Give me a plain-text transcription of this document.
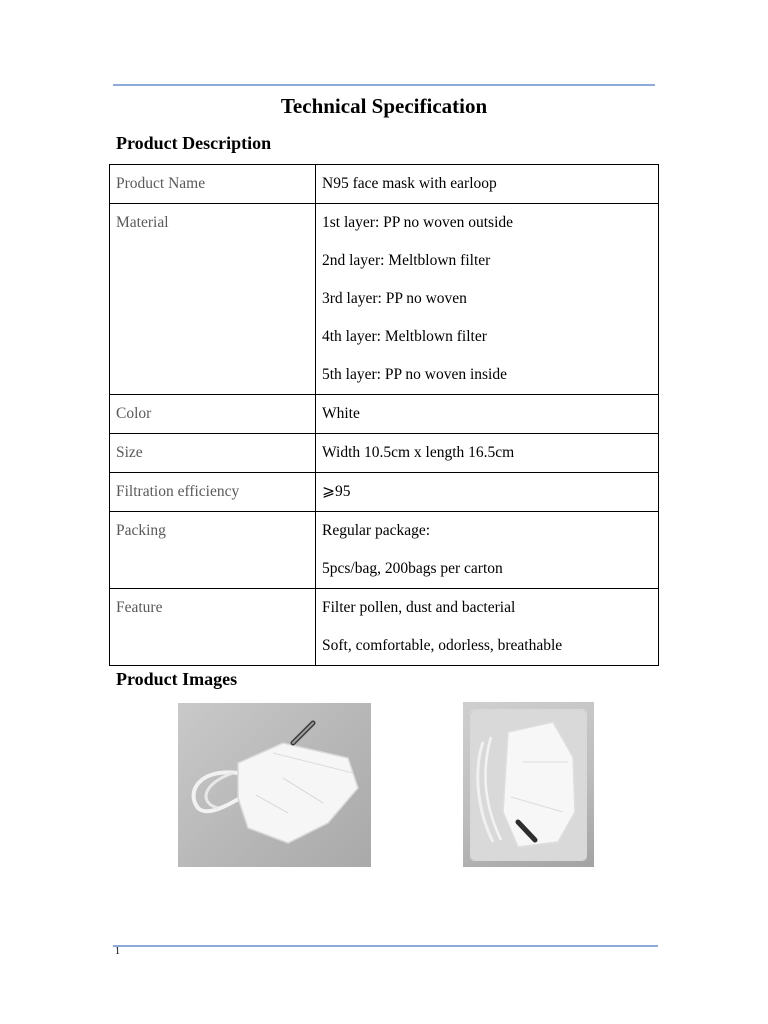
Technical Specification
Product Description
Product Name	N95 face mask with earloop

Material	1st layer: PP no woven outside
2nd layer: Meltblown filter
3rd layer: PP no woven
4th layer: Meltblown filter
5th layer: PP no woven inside

Color	White

Size	Width 10.5cm x length 16.5cm

Filtration efficiency	⩾95

Packing	Regular package:
5pcs/bag, 200bags per carton

Feature	Filter pollen, dust and bacterial
Soft, comfortable, odorless, breathable
Product Images
1
